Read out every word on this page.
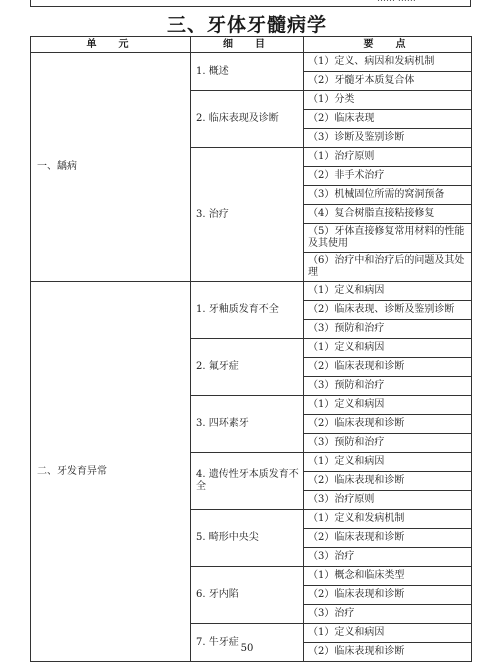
三、牙体牙髓病学
单　元	细　目	要　点
一、龋病	1. 概述	（1）定义、病因和发病机制
		（2）牙髓牙本质复合体
	2. 临床表现及诊断	（1）分类
		（2）临床表现
		（3）诊断及鉴别诊断
	3. 治疗	（1）治疗原则
		（2）非手术治疗
		（3）机械固位所需的窝洞预备
		（4）复合树脂直接粘接修复
		（5）牙体直接修复常用材料的性能及其使用
		（6）治疗中和治疗后的问题及其处理
二、牙发育异常	1. 牙釉质发育不全	（1）定义和病因
		（2）临床表现、诊断及鉴别诊断
		（3）预防和治疗
	2. 氟牙症	（1）定义和病因
		（2）临床表现和诊断
		（3）预防和治疗
	3. 四环素牙	（1）定义和病因
		（2）临床表现和诊断
		（3）预防和治疗
	4. 遗传性牙本质发育不全	（1）定义和病因
		（2）临床表现和诊断
		（3）治疗原则
	5. 畸形中央尖	（1）定义和发病机制
		（2）临床表现和诊断
		（3）治疗
	6. 牙内陷	（1）概念和临床类型
		（2）临床表现和诊断
		（3）治疗
	7. 牛牙症	（1）定义和病因
		（2）临床表现和诊断
50
